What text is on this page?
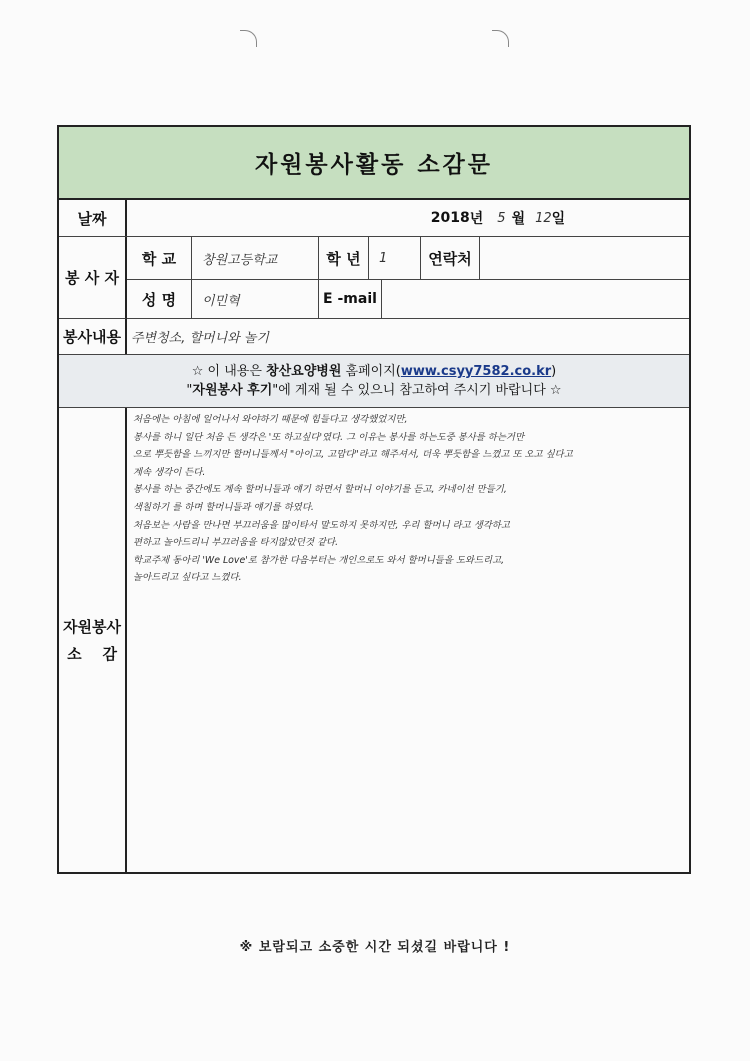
자원봉사활동 소감문
날짜	2018 년 5 월 12 일
봉 사 자
학 교	창원고등학교	학 년	1	연락처
성 명	이민혁	E -mail
봉사내용 주변청소, 할머니와 놀기
☆ 이 내용은 창산요양병원 홈페이지(www.csyy7582.co.kr)
"자원봉사 후기"에 게재 될 수 있으니 참고하여 주시기 바랍니다 ☆
자원봉사
소    감
처음에는 아침에 일어나서 와야하기 때문에 힘들다고 생각했었지만,
봉사를 하니 일단 처음 든 생각은 '또 하고싶다'였다. 그 이유는 봉사를 하는도중 봉사를 하는거만
으로 뿌듯함을 느끼지만 할머니들께서 "아이고, 고맙다"라고 해주셔서, 더욱 뿌듯함을 느꼈고 또 오고 싶다고
계속 생각이 든다.
봉사를 하는 중간에도 계속 할머니들과 얘기 하면서 할머니 이야기를 듣고, 카네이션 만들기,
색칠하기 를 하며 할머니들과 얘기를 하였다.
처음보는 사람을 만나면 부끄러움을 많이타서 말도하지 못하지만, 우리 할머니 라고 생각하고
편하고 놀아드리니 부끄러움을 타지않았던것 같다.
학교주제 동아리 'We Love'로 참가한 다음부터는 개인으로도 와서 할머니들을 도와드리고,
놀아드리고 싶다고 느꼈다.
※ 보람되고 소중한 시간 되셨길 바랍니다 !
